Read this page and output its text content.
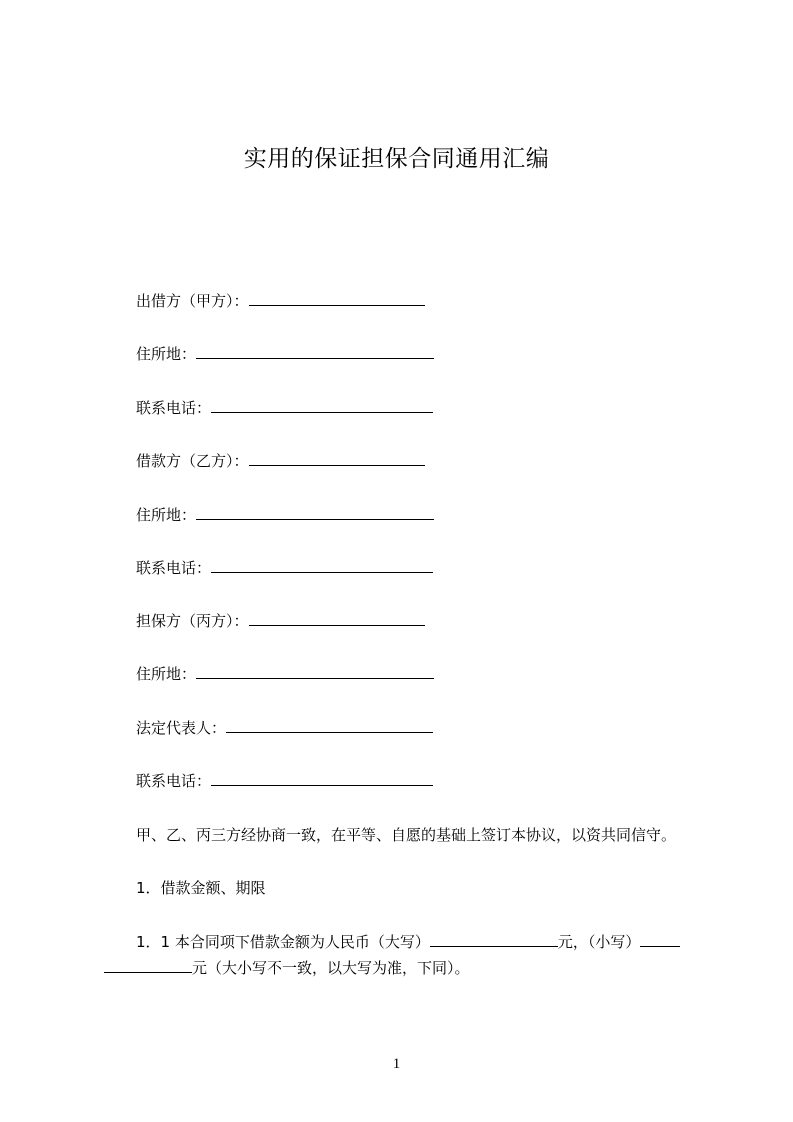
实用的保证担保合同通用汇编
出借方（甲方）：
住所地：
联系电话：
借款方（乙方）：
住所地：
联系电话：
担保方（丙方）：
住所地：
法定代表人：
联系电话：
甲、乙、丙三方经协商一致，在平等、自愿的基础上签订本协议，以资共同信守。
1．借款金额、期限
1．1 本合同项下借款金额为人民币（大写）	元，（小写）
元（大小写不一致，以大写为准，下同）。
1
